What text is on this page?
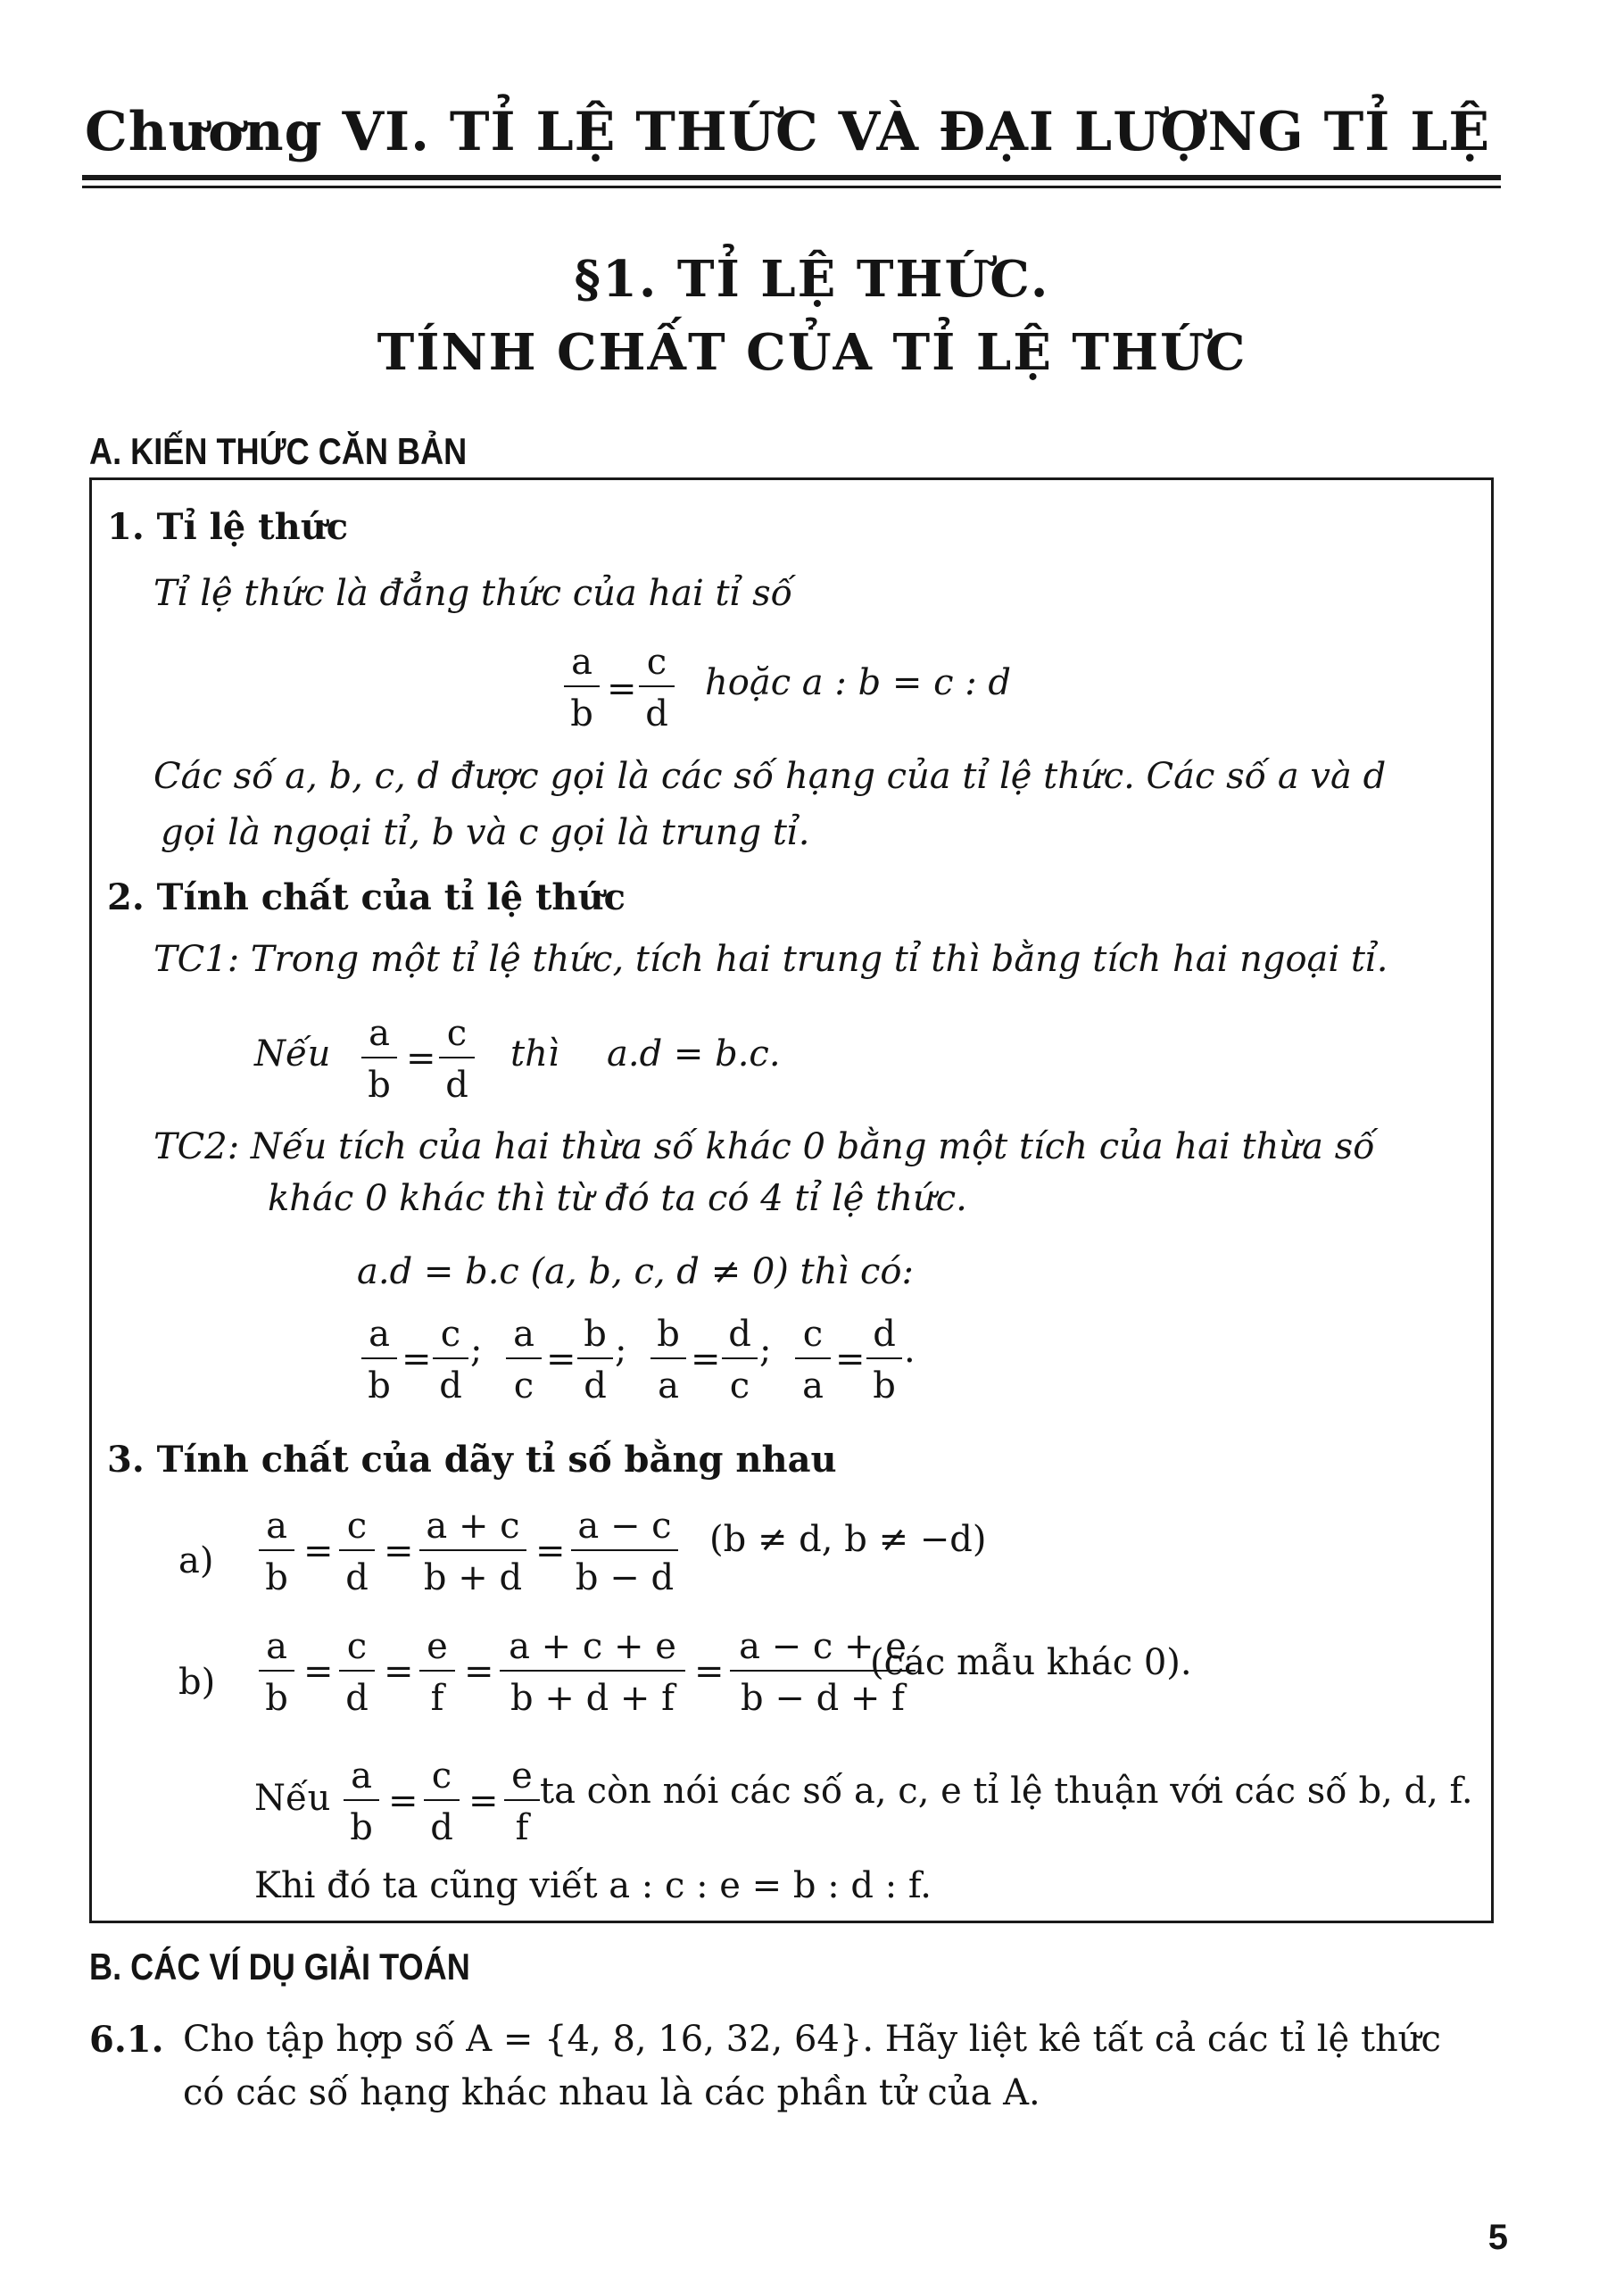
Chương VI. TỈ LỆ THỨC VÀ ĐẠI LƯỢNG TỈ LỆ
§1. TỈ LỆ THỨC.
TÍNH CHẤT CỦA TỈ LỆ THỨC
A. KIẾN THỨC CĂN BẢN
1. Tỉ lệ thức
Tỉ lệ thức là đẳng thức của hai tỉ số
a
b
=
c
d
hoặc a : b = c : d
Các số a, b, c, d được gọi là các số hạng của tỉ lệ thức. Các số a và d
gọi là ngoại tỉ, b và c gọi là trung tỉ.
2. Tính chất của tỉ lệ thức
TC1: Trong một tỉ lệ thức, tích hai trung tỉ thì bằng tích hai ngoại tỉ.
Nếu a
b
=
c
d
thì a.d = b.c.
TC2: Nếu tích của hai thừa số khác 0 bằng một tích của hai thừa số
khác 0 khác thì từ đó ta có 4 tỉ lệ thức.
a.d = b.c (a, b, c, d ≠ 0) thì có:
a
b
=
c
d
; a
c
=
b
d
; b
a
=
d
c
; c
a
=
d
b
.
3. Tính chất của dãy tỉ số bằng nhau
a)
a
b
=
c
d
=
a + c
b + d
=
a − c
b − d
(b ≠ d, b ≠ −d)
b)
a
b
=
c
d
=
e
f
=
a + c + e
b + d + f
=
a − c + e
b − d + f
(các mẫu khác 0).
Nếu
a
b
=
c
d
=
e
f
ta còn nói các số a, c, e tỉ lệ thuận với các số b, d, f.
Khi đó ta cũng viết a : c : e = b : d : f.
B. CÁC VÍ DỤ GIẢI TOÁN
6.1. Cho tập hợp số A = {4, 8, 16, 32, 64}. Hãy liệt kê tất cả các tỉ lệ thức
có các số hạng khác nhau là các phần tử của A.
5
